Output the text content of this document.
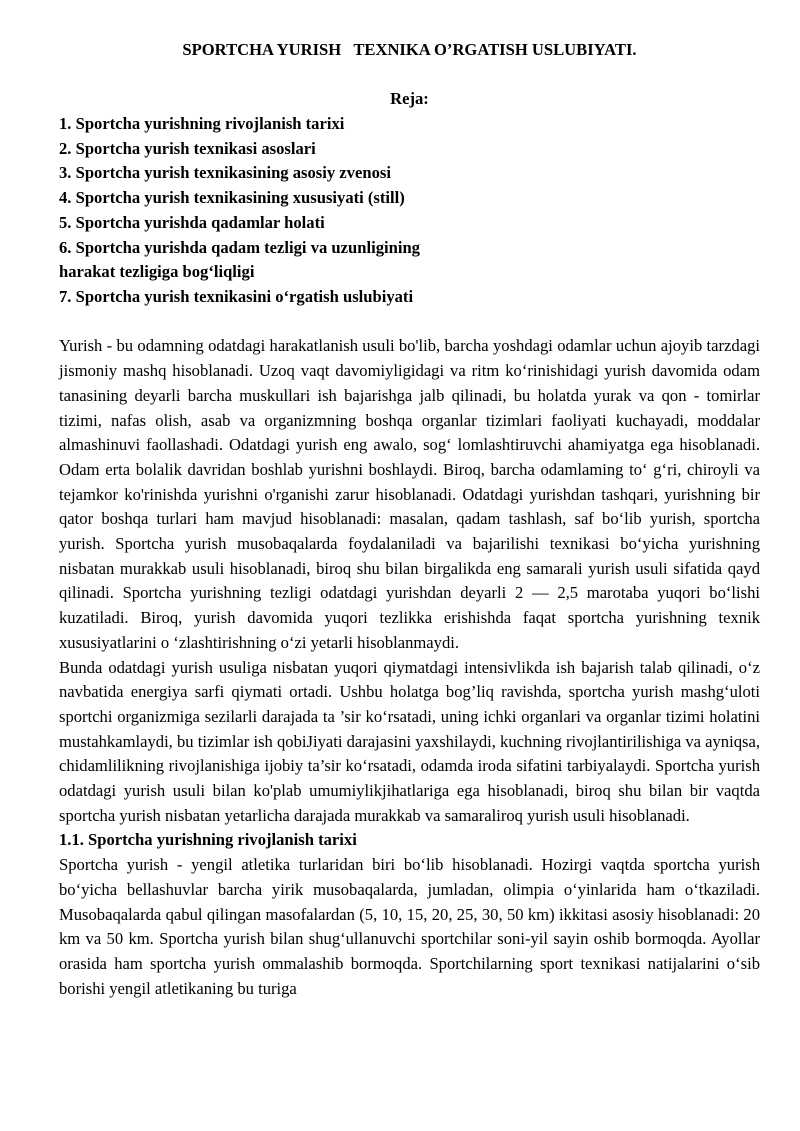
SPORTCHA YURISH   TEXNIKA O’RGATISH USLUBIYATI.

Reja:

1. Sportcha yurishning rivojlanish tarixi
2. Sportcha yurish texnikasi asoslari
3. Sportcha yurish texnikasining asosiy zvenosi
4. Sportcha yurish texnikasining xususiyati (still)
5. Sportcha yurishda qadamlar holati
6. Sportcha yurishda qadam tezligi va uzunligining
harakat tezligiga bog‘liqligi
7. Sportcha yurish texnikasini o‘rgatish uslubiyati

Yurish - bu odamning odatdagi harakatlanish usuli bo'lib, barcha yoshdagi odamlar uchun ajoyib tarzdagi jismoniy mashq hisoblanadi. Uzoq vaqt davomiyligidagi va ritm ko‘rinishidagi yurish davomida odam tanasining deyarli barcha muskullari ish bajarishga jalb qilinadi, bu holatda yurak va qon - tomirlar tizimi, nafas olish, asab va organizmning boshqa organlar tizimlari faoliyati kuchayadi, moddalar almashinuvi faollashadi. Odatdagi yurish eng awalo, sog‘ lomlashtiruvchi ahamiyatga ega hisoblanadi. Odam erta bolalik davridan boshlab yurishni boshlaydi. Biroq, barcha odamlaming to‘ g‘ri, chiroyli va tejamkor ko'rinishda yurishni o'rganishi zarur hisoblanadi. Odatdagi yurishdan tashqari, yurishning bir qator boshqa turlari ham mavjud hisoblanadi: masalan, qadam tashlash, saf bo‘lib yurish, sportcha yurish. Sportcha yurish musobaqalarda foydalaniladi va bajarilishi texnikasi bo‘yicha yurishning nisbatan murakkab usuli hisoblanadi, biroq shu bilan birgalikda eng samarali yurish usuli sifatida qayd qilinadi. Sportcha yurishning tezligi odatdagi yurishdan deyarli 2 — 2,5 marotaba yuqori bo‘lishi kuzatiladi. Biroq, yurish davomida yuqori tezlikka erishishda faqat sportcha yurishning texnik xususiyatlarini o ‘zlashtirishning o‘zi yetarli hisoblanmaydi.

Bunda odatdagi yurish usuliga nisbatan yuqori qiymatdagi intensivlikda ish bajarish talab qilinadi, o‘z navbatida energiya sarfi qiymati ortadi. Ushbu holatga bog’liq ravishda, sportcha yurish mashg‘uloti sportchi organizmiga sezilarli darajada ta ’sir ko‘rsatadi, uning ichki organlari va organlar tizimi holatini mustahkamlaydi, bu tizimlar ish qobiJiyati darajasini yaxshilaydi, kuchning rivojlantirilishiga va ayniqsa, chidamlilikning rivojlanishiga ijobiy ta’sir ko‘rsatadi, odamda iroda sifatini tarbiyalaydi. Sportcha yurish odatdagi yurish usuli bilan ko'plab umumiylikjihatlariga ega hisoblanadi, biroq shu bilan bir vaqtda sportcha yurish nisbatan yetarlicha darajada murakkab va samaraliroq yurish usuli hisoblanadi.

1.1. Sportcha yurishning rivojlanish tarixi

Sportcha yurish - yengil atletika turlaridan biri bo‘lib hisoblanadi. Hozirgi vaqtda sportcha yurish bo‘yicha bellashuvlar barcha yirik musobaqalarda, jumladan, olimpia o‘yinlarida ham o‘tkaziladi. Musobaqalarda qabul qilingan masofalardan (5, 10, 15, 20, 25, 30, 50 km) ikkitasi asosiy hisoblanadi: 20 km va 50 km. Sportcha yurish bilan shug‘ullanuvchi sportchilar soni-yil sayin oshib bormoqda. Ayollar orasida ham sportcha yurish ommalashib bormoqda. Sportchilarning sport texnikasi natijalarini o‘sib borishi yengil atletikaning bu turiga
